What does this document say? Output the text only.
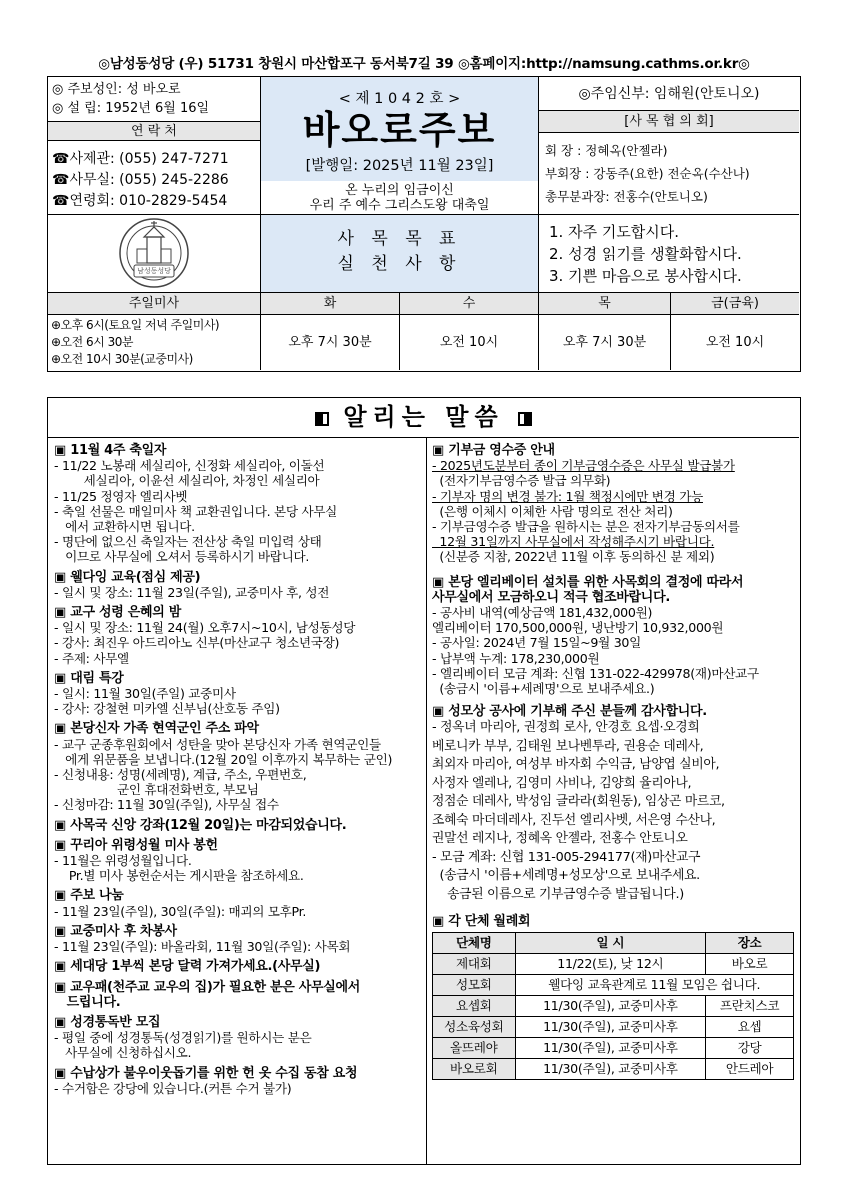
◎남성동성당 (우) 51731 창원시 마산합포구 동서북7길 39 ◎홈페이지:http://namsung.cathms.or.kr◎
◎ 주보성인: 성 바오로
◎ 설 립: 1952년 6월 16일
연 락 처
☎사제관: (055) 247-7271
☎사무실: (055) 245-2286
☎연령회: 010-2829-5454
< 제 1 0 4 2 호 >
바오로주보
[발행일: 2025년 11월 23일]
온 누리의 임금이신
우리 주 예수 그리스도왕 대축일
◎주임신부: 임해원(안토니오)
[사 목 협 의 회]
회 장 : 정혜옥(안젤라)
부회장 : 강동주(요한) 전순옥(수산나)
총무분과장: 전홍수(안토니오)
남성동성당
사 목 목 표
실 천 사 항
1. 자주 기도합시다.
2. 성경 읽기를 생활화합시다.
3. 기쁜 마음으로 봉사합시다.
주일미사	화	수	목	금(금육)
⊕오후 6시(토요일 저녁 주일미사)
⊕오전 6시 30분
⊕오전 10시 30분(교중미사)
오후 7시 30분	오전 10시	오후 7시 30분	오전 10시
알리는 말씀
▣ 11월 4주 축일자
- 11/22 노봉래 세실리아, 신정화 세실리아, 이돌선
세실리아, 이윤선 세실리아, 차정인 세실리아
- 11/25 정영자 엘리사벳
- 축일 선물은 매일미사 책 교환권입니다. 본당 사무실
에서 교환하시면 됩니다.
- 명단에 없으신 축일자는 전산상 축일 미입력 상태
이므로 사무실에 오셔서 등록하시기 바랍니다.
▣ 웰다잉 교육(점심 제공)
- 일시 및 장소: 11월 23일(주일), 교중미사 후, 성전
▣ 교구 성령 은혜의 밤
- 일시 및 장소: 11월 24(월) 오후7시~10시, 남성동성당
- 강사: 최진우 아드리아노 신부(마산교구 청소년국장)
- 주제: 사무엘
▣ 대림 특강
- 일시: 11월 30일(주일) 교중미사
- 강사: 강철현 미카엘 신부님(산호동 주임)
▣ 본당신자 가족 현역군인 주소 파악
- 교구 군종후원회에서 성탄을 맞아 본당신자 가족 현역군인들
에게 위문품을 보냅니다.(12월 20일 이후까지 복무하는 군인)
- 신청내용: 성명(세례명), 계급, 주소, 우편번호,
군인 휴대전화번호, 부모님
- 신청마감: 11월 30일(주일), 사무실 접수
▣ 사목국 신앙 강좌(12월 20일)는 마감되었습니다.
▣ 꾸리아 위령성월 미사 봉헌
- 11월은 위령성월입니다.
Pr.별 미사 봉헌순서는 게시판을 참조하세요.
▣ 주보 나눔
- 11월 23일(주일), 30일(주일): 매괴의 모후Pr.
▣ 교중미사 후 차봉사
- 11월 23일(주일): 바올라회, 11월 30일(주일): 사목회
▣ 세대당 1부씩 본당 달력 가져가세요.(사무실)
▣ 교우패(천주교 교우의 집)가 필요한 분은 사무실에서
드립니다.
▣ 성경통독반 모집
- 평일 중에 성경통독(성경읽기)를 원하시는 분은
사무실에 신청하십시오.
▣ 수납상가 불우이웃돕기를 위한 헌 옷 수집 동참 요청
- 수거함은 강당에 있습니다.(커튼 수거 불가)
▣ 기부금 영수증 안내
- 2025년도분부터 종이 기부금영수증은 사무실 발급불가
(전자기부금영수증 발급 의무화)
- 기부자 명의 변경 불가: 1월 책정시에만 변경 가능
(은행 이체시 이체한 사람 명의로 전산 처리)
- 기부금영수증 발급을 원하시는 분은 전자기부금동의서를
12월 31일까지 사무실에서 작성해주시기 바랍니다.
(신분증 지참, 2022년 11월 이후 동의하신 분 제외)
▣ 본당 엘리베이터 설치를 위한 사목회의 결정에 따라서
사무실에서 모금하오니 적극 협조바랍니다.
- 공사비 내역(예상금액 181,432,000원)
엘리베이터 170,500,000원, 냉난방기 10,932,000원
- 공사일: 2024년 7월 15일~9월 30일
- 납부액 누계: 178,230,000원
- 엘리베이터 모금 계좌: 신협 131-022-429978(재)마산교구
(송금시 '이름+세례명'으로 보내주세요.)
▣ 성모상 공사에 기부해 주신 분들께 감사합니다.
- 정옥녀 마리아, 권정희 로사, 안경호 요셉·오경희
베로니카 부부, 김태원 보나벤투라, 권용순 데레사,
최외자 마리아, 여성부 바자회 수익금, 남양엽 실비아,
사정자 엘레나, 김영미 사비나, 김양희 율리아나,
정점순 데레사, 박성임 글라라(회원동), 임상곤 마르코,
조혜숙 마더데레사, 진두선 엘리사벳, 서은영 수산나,
권말선 레지나, 정혜옥 안젤라, 전홍수 안토니오
- 모금 계좌: 신협 131-005-294177(재)마산교구
(송금시 '이름+세례명+성모상'으로 보내주세요.
송금된 이름으로 기부금영수증 발급됩니다.)
▣ 각 단체 월례회
단체명	일 시	장소
제대회	11/22(토), 낮 12시	바오로
성모회	웰다잉 교육관계로 11월 모임은 쉽니다.	
요셉회	11/30(주일), 교중미사후	프란치스코
성소육성회	11/30(주일), 교중미사후	요셉
올뜨레야	11/30(주일), 교중미사후	강당
바오로회	11/30(주일), 교중미사후	안드레아
